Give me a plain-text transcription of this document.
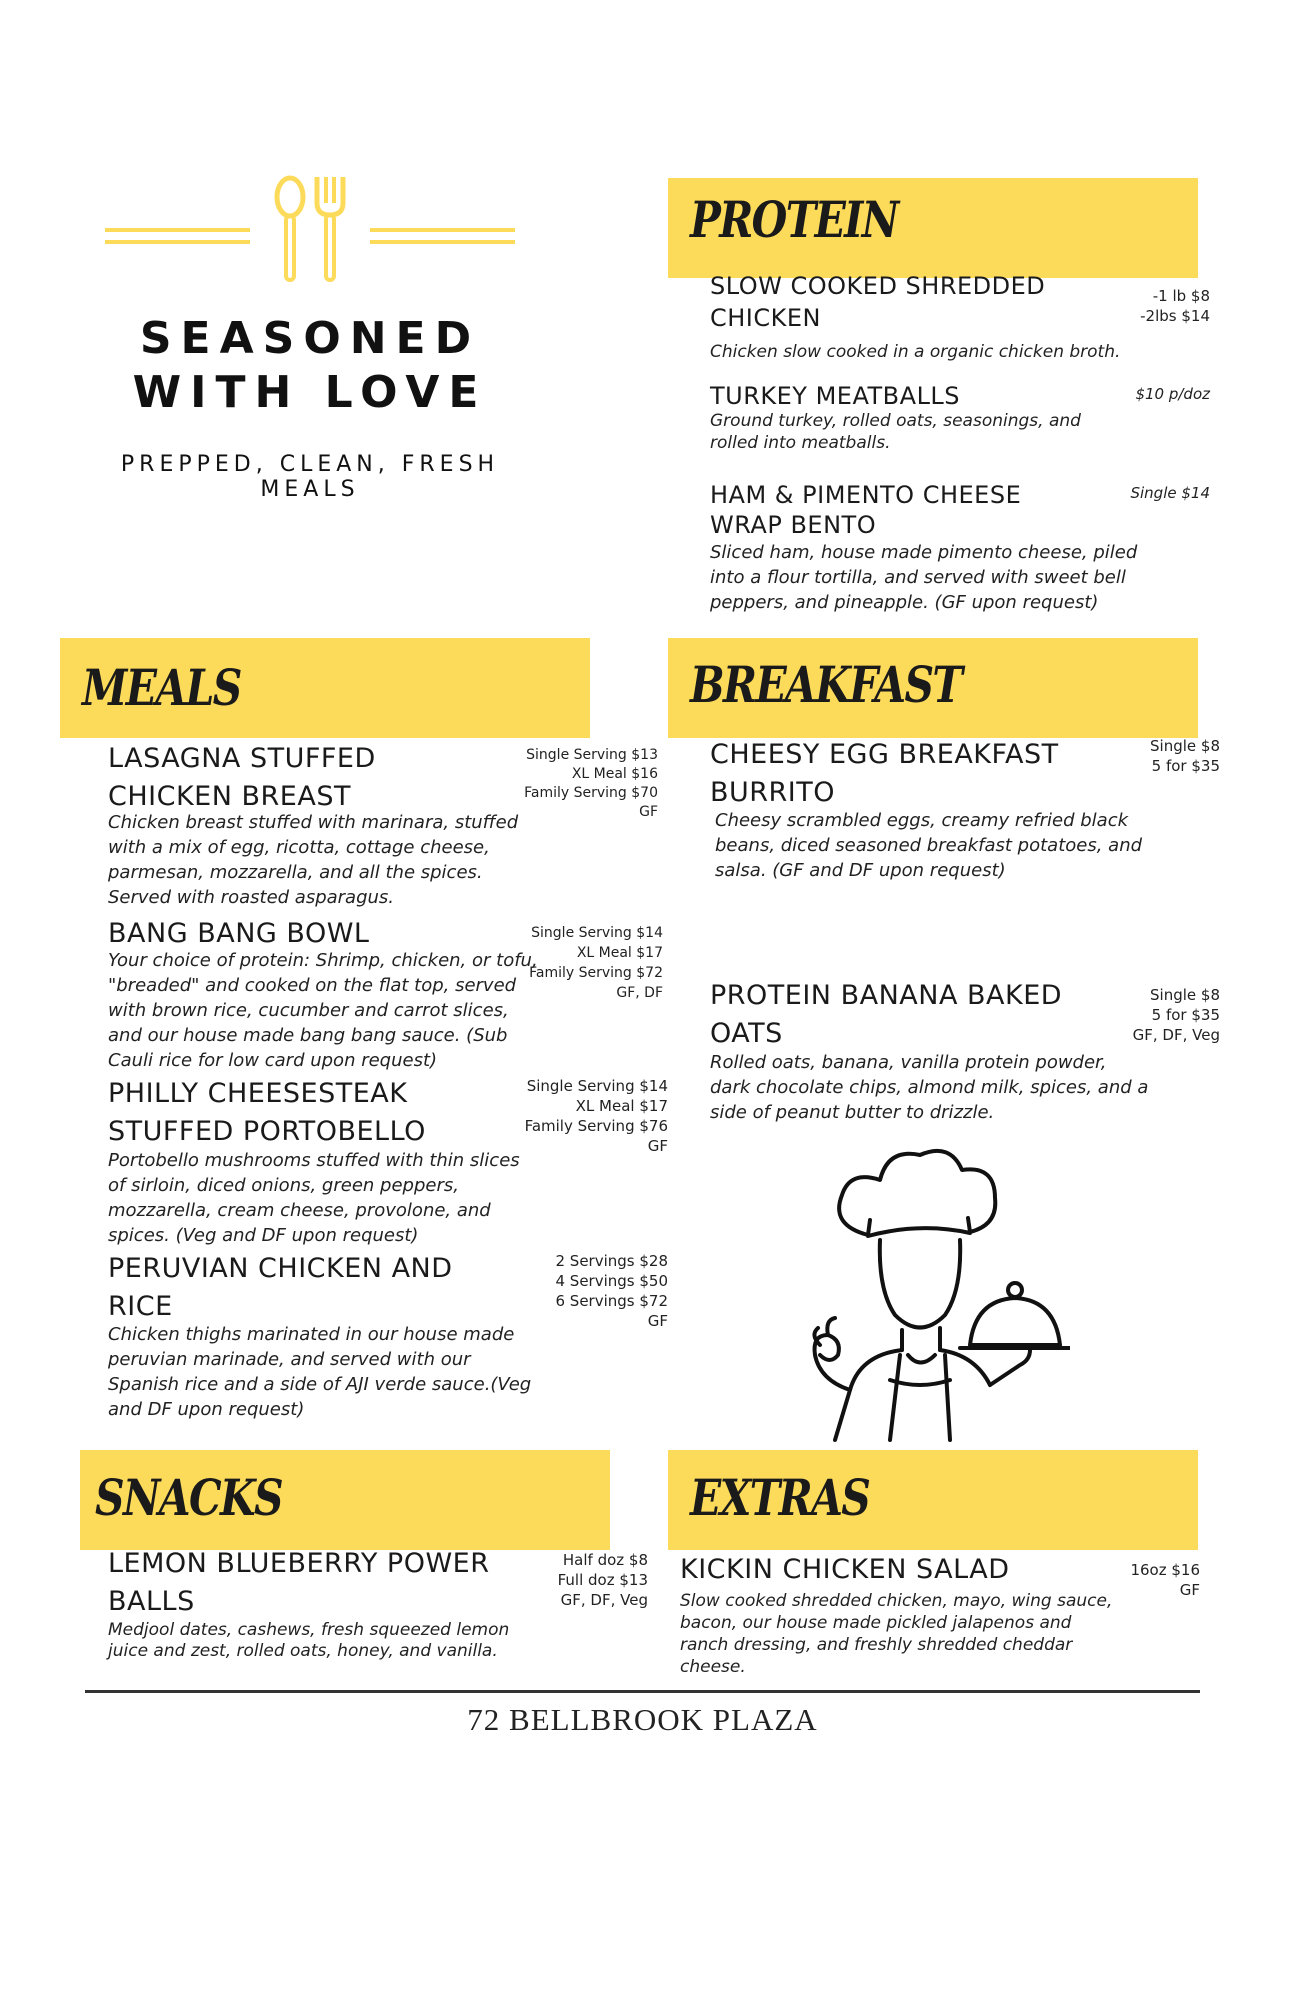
SEASONED WITH LOVE
PREPPED, CLEAN, FRESH MEALS
PROTEIN
SLOW COOKED SHREDDED CHICKEN
-1 lb $8
-2lbs $14
Chicken slow cooked in a organic chicken broth.
TURKEY MEATBALLS	$10 p/doz
Ground turkey, rolled oats, seasonings, and rolled into meatballs.
HAM & PIMENTO CHEESE WRAP BENTO
Single $14
Sliced ham, house made pimento cheese, piled into a flour tortilla, and served with sweet bell peppers, and pineapple. (GF upon request)
MEALS
LASAGNA STUFFED CHICKEN BREAST
Single Serving $13
XL Meal $16
Family Serving $70
GF
Chicken breast stuffed with marinara, stuffed with a mix of egg, ricotta, cottage cheese, parmesan, mozzarella, and all the spices. Served with roasted asparagus.
BANG BANG BOWL	Single Serving $14
XL Meal $17
Family Serving $72
GF, DF
Your choice of protein: Shrimp, chicken, or tofu, "breaded" and cooked on the flat top, served with brown rice, cucumber and carrot slices, and our house made bang bang sauce. (Sub Cauli rice for low card upon request)
PHILLY CHEESESTEAK STUFFED PORTOBELLO
Single Serving $14
XL Meal $17
Family Serving $76
GF
Portobello mushrooms stuffed with thin slices of sirloin, diced onions, green peppers, mozzarella, cream cheese, provolone, and spices. (Veg and DF upon request)
PERUVIAN CHICKEN AND RICE
2 Servings $28
4 Servings $50
6 Servings $72
GF
Chicken thighs marinated in our house made peruvian marinade, and served with our Spanish rice and a side of AJI verde sauce.(Veg and DF upon request)
BREAKFAST
CHEESY EGG BREAKFAST BURRITO
Single $8
5 for $35
Cheesy scrambled eggs, creamy refried black beans, diced seasoned breakfast potatoes, and salsa. (GF and DF upon request)
PROTEIN BANANA BAKED OATS
Single $8
5 for $35
GF, DF, Veg
Rolled oats, banana, vanilla protein powder, dark chocolate chips, almond milk, spices, and a side of peanut butter to drizzle.
SNACKS
LEMON BLUEBERRY POWER BALLS
Half doz $8
Full doz $13
GF, DF, Veg
Medjool dates, cashews, fresh squeezed lemon juice and zest, rolled oats, honey, and vanilla.
EXTRAS
KICKIN CHICKEN SALAD	16oz $16
GF
Slow cooked shredded chicken, mayo, wing sauce, bacon, our house made pickled jalapenos and ranch dressing, and freshly shredded cheddar cheese.
72 BELLBROOK PLAZA
